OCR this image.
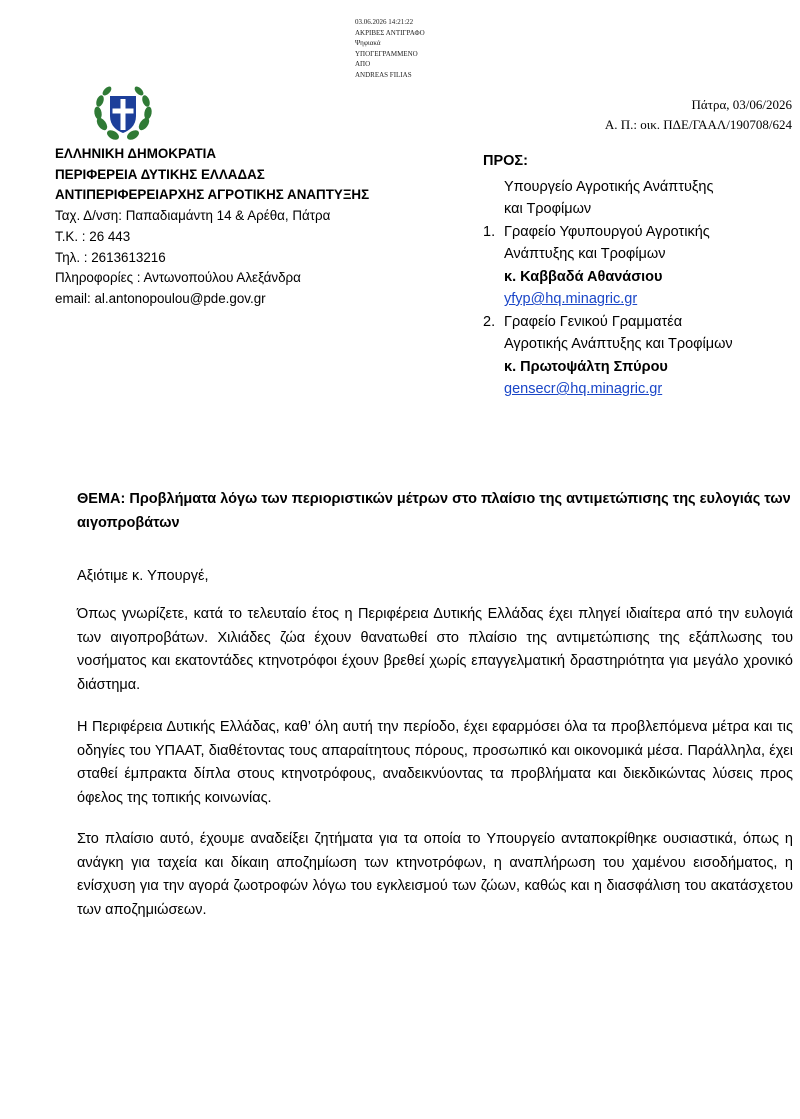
03.06.2026 14:21:22
ΑΚΡΙΒΕΣ ΑΝΤΙΓΡΑΦΟ
Ψηφιακά
ΥΠΟΓΕΓΡΑΜΜΕΝΟ
ΑΠΟ
ANDREAS FILIAS
Πάτρα, 03/06/2026
Α. Π.: οικ. ΠΔΕ/ΓΑΑΛ/190708/624
ΕΛΛΗΝΙΚΗ ΔΗΜΟΚΡΑΤΙΑ
ΠΕΡΙΦΕΡΕΙΑ ΔΥΤΙΚΗΣ ΕΛΛΑΔΑΣ
ΑΝΤΙΠΕΡΙΦΕΡΕΙΑΡΧΗΣ ΑΓΡΟΤΙΚΗΣ ΑΝΑΠΤΥΞΗΣ
Ταχ. Δ/νση: Παπαδιαμάντη 14 & Αρέθα, Πάτρα
Τ.Κ. : 26 443
Τηλ. : 2613613216
Πληροφορίες : Αντωνοπούλου Αλεξάνδρα
email: al.antonopoulou@pde.gov.gr
ΠΡΟΣ:
Υπουργείο Αγροτικής Ανάπτυξης
και Τροφίμων
1. Γραφείο Υφυπουργού Αγροτικής
Ανάπτυξης και Τροφίμων
κ. Καββαδά Αθανάσιου
yfyp@hq.minagric.gr
2. Γραφείο Γενικού Γραμματέα
Αγροτικής Ανάπτυξης και Τροφίμων
κ. Πρωτοψάλτη Σπύρου
gensecr@hq.minagric.gr
ΘΕΜΑ: Προβλήματα λόγω των περιοριστικών μέτρων στο πλαίσιο της αντιμετώπισης της ευλογιάς των αιγοπροβάτων
Αξιότιμε κ. Υπουργέ,
Όπως γνωρίζετε, κατά το τελευταίο έτος η Περιφέρεια Δυτικής Ελλάδας έχει πληγεί ιδιαίτερα από την ευλογιά των αιγοπροβάτων. Χιλιάδες ζώα έχουν θανατωθεί στο πλαίσιο της αντιμετώπισης της εξάπλωσης του νοσήματος και εκατοντάδες κτηνοτρόφοι έχουν βρεθεί χωρίς επαγγελματική δραστηριότητα για μεγάλο χρονικό διάστημα.
Η Περιφέρεια Δυτικής Ελλάδας, καθ’ όλη αυτή την περίοδο, έχει εφαρμόσει όλα τα προβλεπόμενα μέτρα και τις οδηγίες του ΥΠΑΑΤ, διαθέτοντας τους απαραίτητους πόρους, προσωπικό και οικονομικά μέσα. Παράλληλα, έχει σταθεί έμπρακτα δίπλα στους κτηνοτρόφους, αναδεικνύοντας τα προβλήματα και διεκδικώντας λύσεις προς όφελος της τοπικής κοινωνίας.
Στο πλαίσιο αυτό, έχουμε αναδείξει ζητήματα για τα οποία το Υπουργείο ανταποκρίθηκε ουσιαστικά, όπως η ανάγκη για ταχεία και δίκαιη αποζημίωση των κτηνοτρόφων, η αναπλήρωση του χαμένου εισοδήματος, η ενίσχυση για την αγορά ζωοτροφών λόγω του εγκλεισμού των ζώων, καθώς και η διασφάλιση του ακατάσχετου των αποζημιώσεων.
